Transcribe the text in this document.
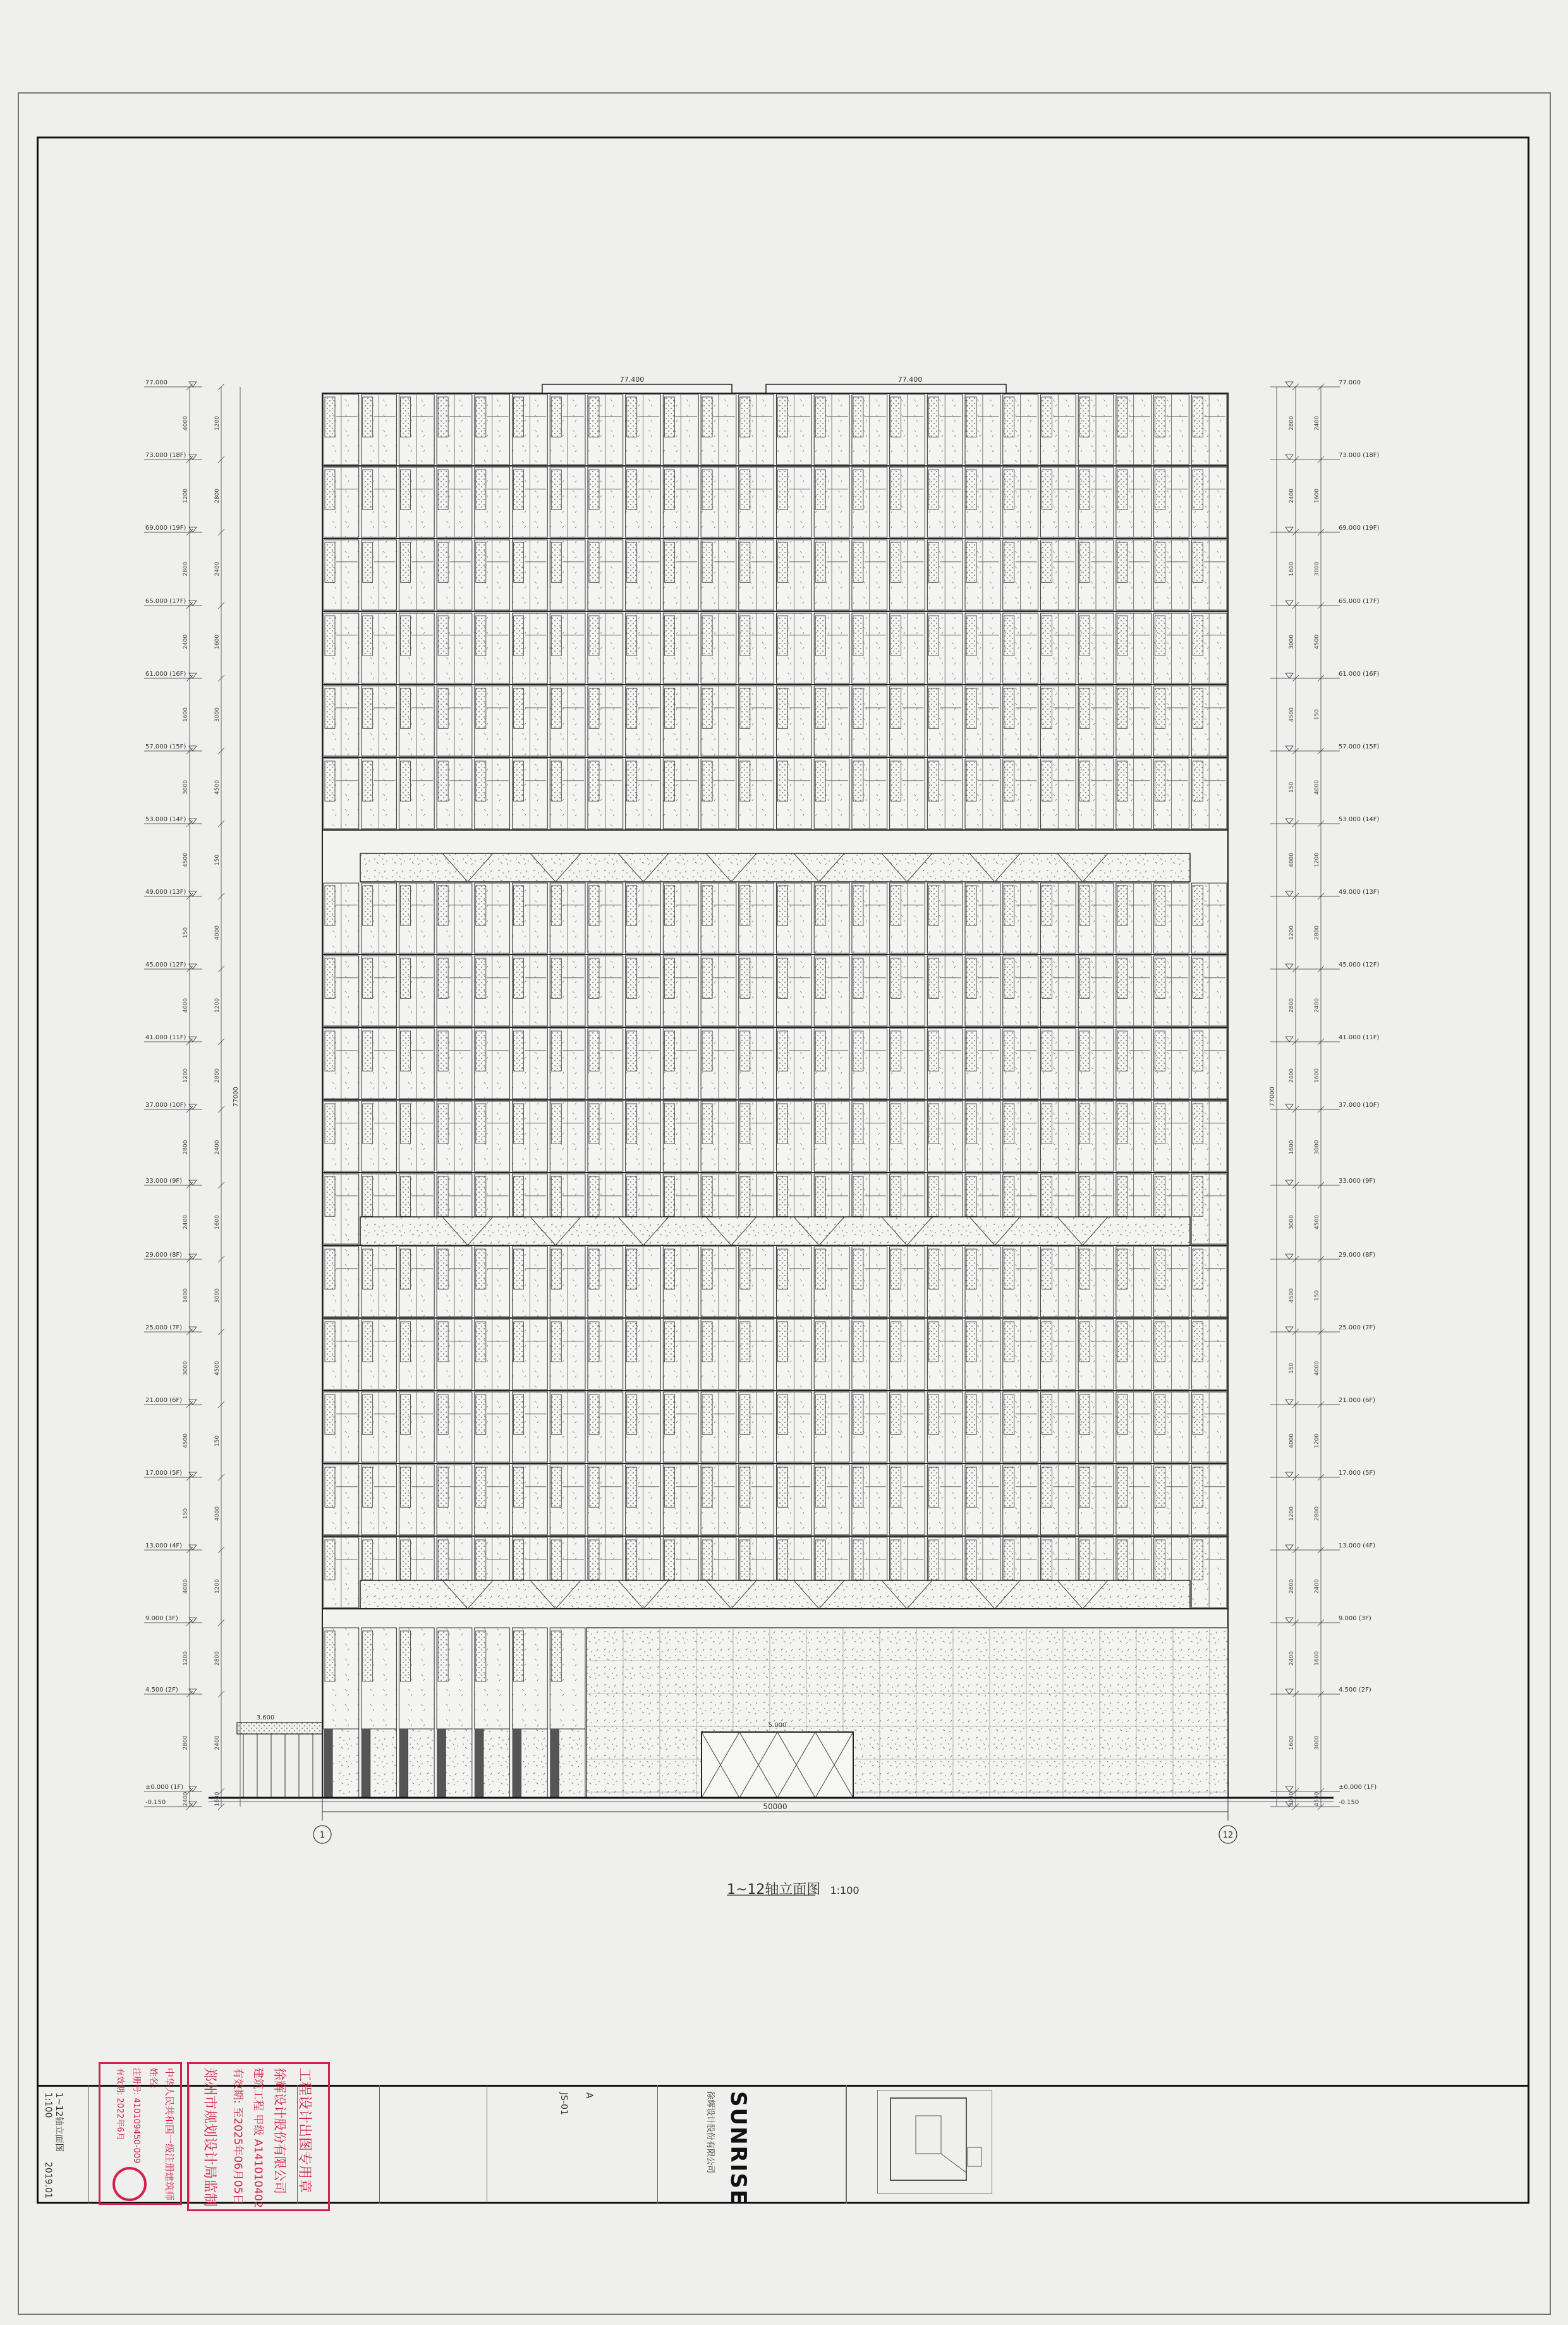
50000
1	12
77.400	77.400
3.600
5.000
4000
1200
2800
2400
1600
3000
4500
150
4000
1200
2800
2400
1600
3000
4500
150
4000
1200
2800
2400
1200
2800
2400
1600
3000
4500
150
4000
1200
2800
2400
1600
3000
4500
150
4000
1200
2800
2400
1600
2800
2400
1600
3000
4500
150
4000
1200
2800
2400
1600
3000
4500
150
4000
1200
2800
2400
1600
3000
2400
1600
3000
4500
150
4000
1200
2800
2400
1600
3000
4500
150
4000
1200
2800
2400
1600
3000
4500
77000	77000
77.000	77.000
73.000 (18F)	73.000 (18F)
69.000 (19F)	69.000 (19F)
65.000 (17F)	65.000 (17F)
61.000 (16F)	61.000 (16F)
57.000 (15F)	57.000 (15F)
53.000 (14F)	53.000 (14F)
49.000 (13F)	49.000 (13F)
45.000 (12F)	45.000 (12F)
41.000 (11F)	41.000 (11F)
37.000 (10F)	37.000 (10F)
33.000 (9F)	33.000 (9F)
29.000 (8F)	29.000 (8F)
25.000 (7F)	25.000 (7F)
21.000 (6F)	21.000 (6F)
17.000 (5F)	17.000 (5F)
13.000 (4F)	13.000 (4F)
9.000 (3F)	9.000 (3F)
4.500 (2F)	4.500 (2F)
±0.000 (1F)	±0.000 (1F)
-0.150	-0.150
1~12轴立面图 1:100
SUNRISE
徐辉设计股份有限公司
工程设计出图专用章
徐辉设计股份有限公司
建筑工程 甲级 A141010402
有效期: 至2025年06月05日
郑州市规划设计局监制
中华人民共和国一级注册建筑师
姓名:
注册号: 410109450-009
有效期: 2022年6月
1~12轴立面图
1:100
2019.01
JS-01 A
